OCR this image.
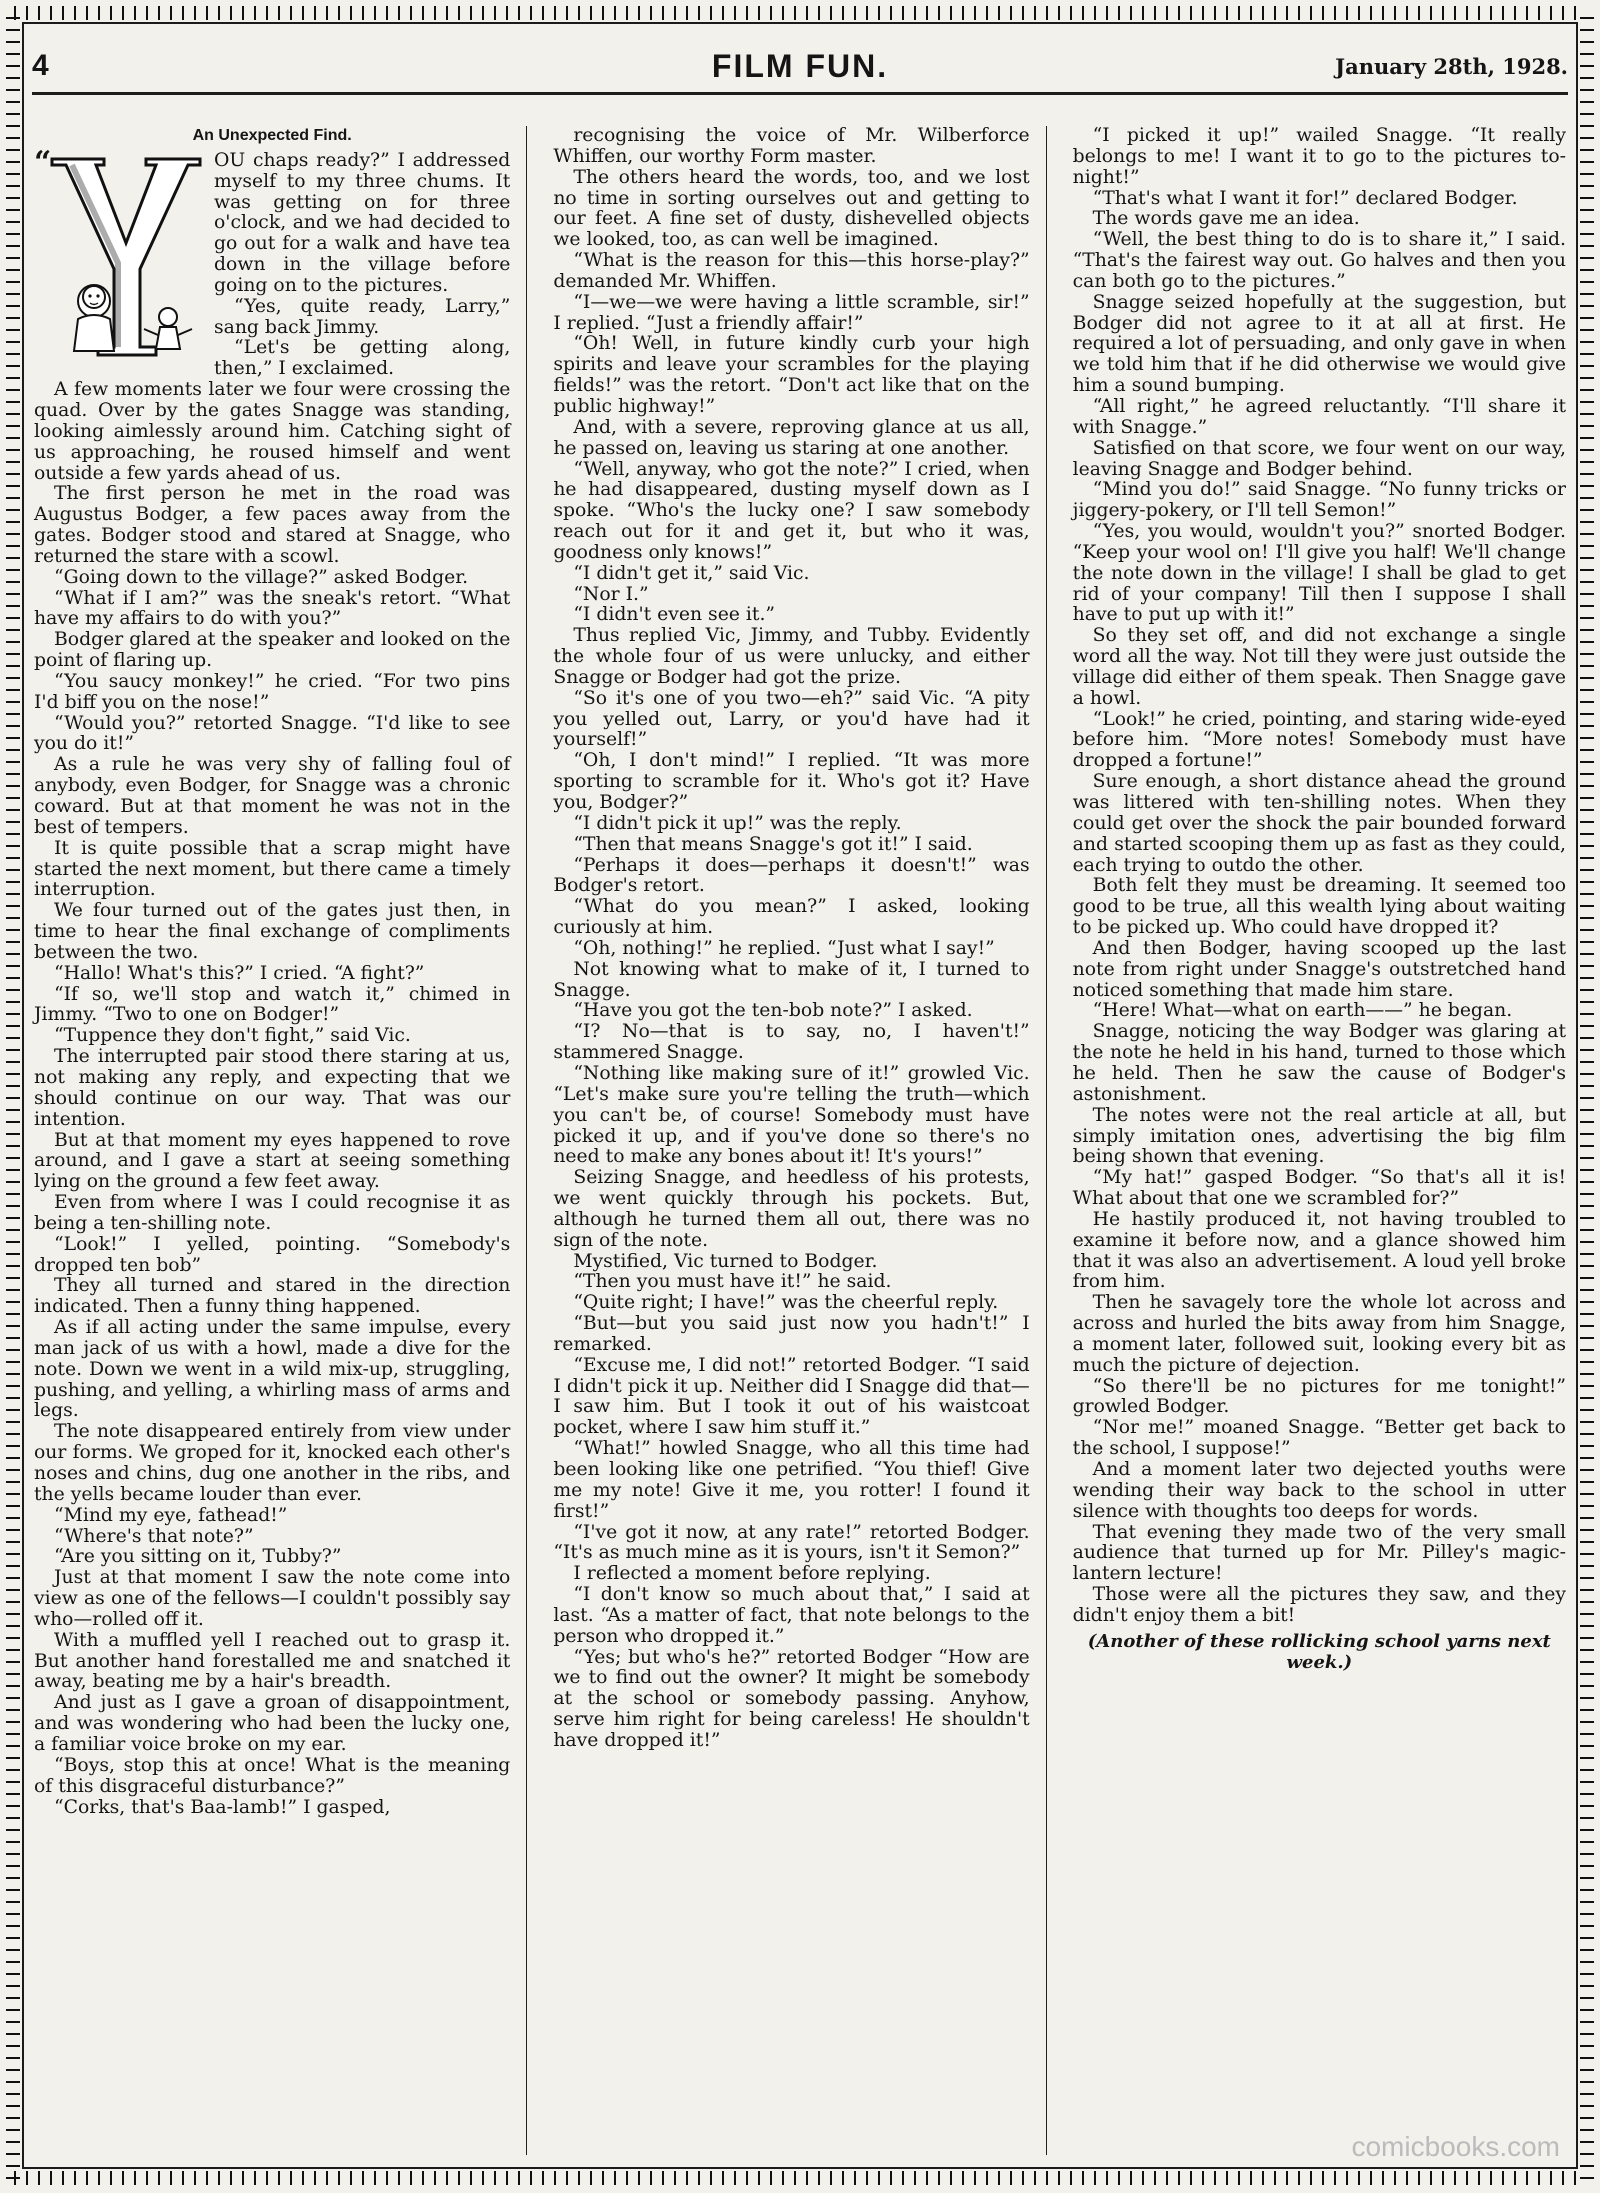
4	FILM FUN.	January 28th, 1928.
An Unexpected Find.
“	OU chaps ready?” I addressed myself to my three chums. It was getting on for three o'clock, and we had decided to go out for a walk and have tea down in the village before going on to the pictures.

“Yes, quite ready, Larry,” sang back Jimmy.

“Let's be getting along, then,” I exclaimed.

A few moments later we four were crossing the quad. Over by the gates Snagge was standing, looking aimlessly around him. Catching sight of us approaching, he roused himself and went outside a few yards ahead of us.

The first person he met in the road was Augustus Bodger, a few paces away from the gates. Bodger stood and stared at Snagge, who returned the stare with a scowl.

“Going down to the village?” asked Bodger.

“What if I am?” was the sneak's retort. “What have my affairs to do with you?”

Bodger glared at the speaker and looked on the point of flaring up.

“You saucy monkey!” he cried. “For two pins I'd biff you on the nose!”

“Would you?” retorted Snagge. “I'd like to see you do it!”

As a rule he was very shy of falling foul of anybody, even Bodger, for Snagge was a chronic coward. But at that moment he was not in the best of tempers.

It is quite possible that a scrap might have started the next moment, but there came a timely interruption.

We four turned out of the gates just then, in time to hear the final exchange of compliments between the two.

“Hallo! What's this?” I cried. “A fight?”

“If so, we'll stop and watch it,” chimed in Jimmy. “Two to one on Bodger!”

“Tuppence they don't fight,” said Vic.

The interrupted pair stood there staring at us, not making any reply, and expecting that we should continue on our way. That was our intention.

But at that moment my eyes happened to rove around, and I gave a start at seeing something lying on the ground a few feet away.

Even from where I was I could recognise it as being a ten-shilling note.

“Look!” I yelled, pointing. “Somebody's dropped ten bob”

They all turned and stared in the direction indicated. Then a funny thing happened.

As if all acting under the same impulse, every man jack of us with a howl, made a dive for the note. Down we went in a wild mix-up, struggling, pushing, and yelling, a whirling mass of arms and legs.

The note disappeared entirely from view under our forms. We groped for it, knocked each other's noses and chins, dug one another in the ribs, and the yells became louder than ever.

“Mind my eye, fathead!”

“Where's that note?”

“Are you sitting on it, Tubby?”

Just at that moment I saw the note come into view as one of the fellows—I couldn't possibly say who—rolled off it.

With a muffled yell I reached out to grasp it. But another hand forestalled me and snatched it away, beating me by a hair's breadth.

And just as I gave a groan of disappointment, and was wondering who had been the lucky one, a familiar voice broke on my ear.

“Boys, stop this at once! What is the meaning of this disgraceful disturbance?”

“Corks, that's Baa-lamb!” I gasped,

recognising the voice of Mr. Wilberforce Whiffen, our worthy Form master.

The others heard the words, too, and we lost no time in sorting ourselves out and getting to our feet. A fine set of dusty, dishevelled objects we looked, too, as can well be imagined.

“What is the reason for this—this horse-play?” demanded Mr. Whiffen.

“I—we—we were having a little scramble, sir!” I replied. “Just a friendly affair!”

“Oh! Well, in future kindly curb your high spirits and leave your scrambles for the playing fields!” was the retort. “Don't act like that on the public highway!”

And, with a severe, reproving glance at us all, he passed on, leaving us staring at one another.

“Well, anyway, who got the note?” I cried, when he had disappeared, dusting myself down as I spoke. “Who's the lucky one? I saw somebody reach out for it and get it, but who it was, goodness only knows!”

“I didn't get it,” said Vic.

“Nor I.”

“I didn't even see it.”

Thus replied Vic, Jimmy, and Tubby. Evidently the whole four of us were unlucky, and either Snagge or Bodger had got the prize.

“So it's one of you two—eh?” said Vic. “A pity you yelled out, Larry, or you'd have had it yourself!”

“Oh, I don't mind!” I replied. “It was more sporting to scramble for it. Who's got it? Have you, Bodger?”

“I didn't pick it up!” was the reply.

“Then that means Snagge's got it!” I said.

“Perhaps it does—perhaps it doesn't!” was Bodger's retort.

“What do you mean?” I asked, looking curiously at him.

“Oh, nothing!” he replied. “Just what I say!”

Not knowing what to make of it, I turned to Snagge.

“Have you got the ten-bob note?” I asked.

“I? No—that is to say, no, I haven't!” stammered Snagge.

“Nothing like making sure of it!” growled Vic. “Let's make sure you're telling the truth—which you can't be, of course! Somebody must have picked it up, and if you've done so there's no need to make any bones about it! It's yours!”

Seizing Snagge, and heedless of his protests, we went quickly through his pockets. But, although he turned them all out, there was no sign of the note.

Mystified, Vic turned to Bodger.

“Then you must have it!” he said.

“Quite right; I have!” was the cheerful reply.

“But—but you said just now you hadn't!” I remarked.

“Excuse me, I did not!” retorted Bodger. “I said I didn't pick it up. Neither did I Snagge did that—I saw him. But I took it out of his waistcoat pocket, where I saw him stuff it.”

“What!” howled Snagge, who all this time had been looking like one petrified. “You thief! Give me my note! Give it me, you rotter! I found it first!”

“I've got it now, at any rate!” retorted Bodger. “It's as much mine as it is yours, isn't it Semon?”

I reflected a moment before replying.

“I don't know so much about that,” I said at last. “As a matter of fact, that note belongs to the person who dropped it.”

“Yes; but who's he?” retorted Bodger “How are we to find out the owner? It might be somebody at the school or somebody passing. Anyhow, serve him right for being careless! He shouldn't have dropped it!”

“I picked it up!” wailed Snagge. “It really belongs to me! I want it to go to the pictures to-night!”

“That's what I want it for!” declared Bodger.

The words gave me an idea.

“Well, the best thing to do is to share it,” I said. “That's the fairest way out. Go halves and then you can both go to the pictures.”

Snagge seized hopefully at the suggestion, but Bodger did not agree to it at all at first. He required a lot of persuading, and only gave in when we told him that if he did otherwise we would give him a sound bumping.

“All right,” he agreed reluctantly. “I'll share it with Snagge.”

Satisfied on that score, we four went on our way, leaving Snagge and Bodger behind.

“Mind you do!” said Snagge. “No funny tricks or jiggery-pokery, or I'll tell Semon!”

“Yes, you would, wouldn't you?” snorted Bodger. “Keep your wool on! I'll give you half! We'll change the note down in the village! I shall be glad to get rid of your company! Till then I suppose I shall have to put up with it!”

So they set off, and did not exchange a single word all the way. Not till they were just outside the village did either of them speak. Then Snagge gave a howl.

“Look!” he cried, pointing, and staring wide-eyed before him. “More notes! Somebody must have dropped a fortune!”

Sure enough, a short distance ahead the ground was littered with ten-shilling notes. When they could get over the shock the pair bounded forward and started scooping them up as fast as they could, each trying to outdo the other.

Both felt they must be dreaming. It seemed too good to be true, all this wealth lying about waiting to be picked up. Who could have dropped it?

And then Bodger, having scooped up the last note from right under Snagge's outstretched hand noticed something that made him stare.

“Here! What—what on earth——” he began.

Snagge, noticing the way Bodger was glaring at the note he held in his hand, turned to those which he held. Then he saw the cause of Bodger's astonishment.

The notes were not the real article at all, but simply imitation ones, advertising the big film being shown that evening.

“My hat!” gasped Bodger. “So that's all it is! What about that one we scrambled for?”

He hastily produced it, not having troubled to examine it before now, and a glance showed him that it was also an advertisement. A loud yell broke from him.

Then he savagely tore the whole lot across and across and hurled the bits away from him Snagge, a moment later, followed suit, looking every bit as much the picture of dejection.

“So there'll be no pictures for me tonight!” growled Bodger.

“Nor me!” moaned Snagge. “Better get back to the school, I suppose!”

And a moment later two dejected youths were wending their way back to the school in utter silence with thoughts too deeps for words.

That evening they made two of the very small audience that turned up for Mr. Pilley's magic-lantern lecture!

Those were all the pictures they saw, and they didn't enjoy them a bit!

(Another of these rollicking school yarns next week.)
comicbooks.com
